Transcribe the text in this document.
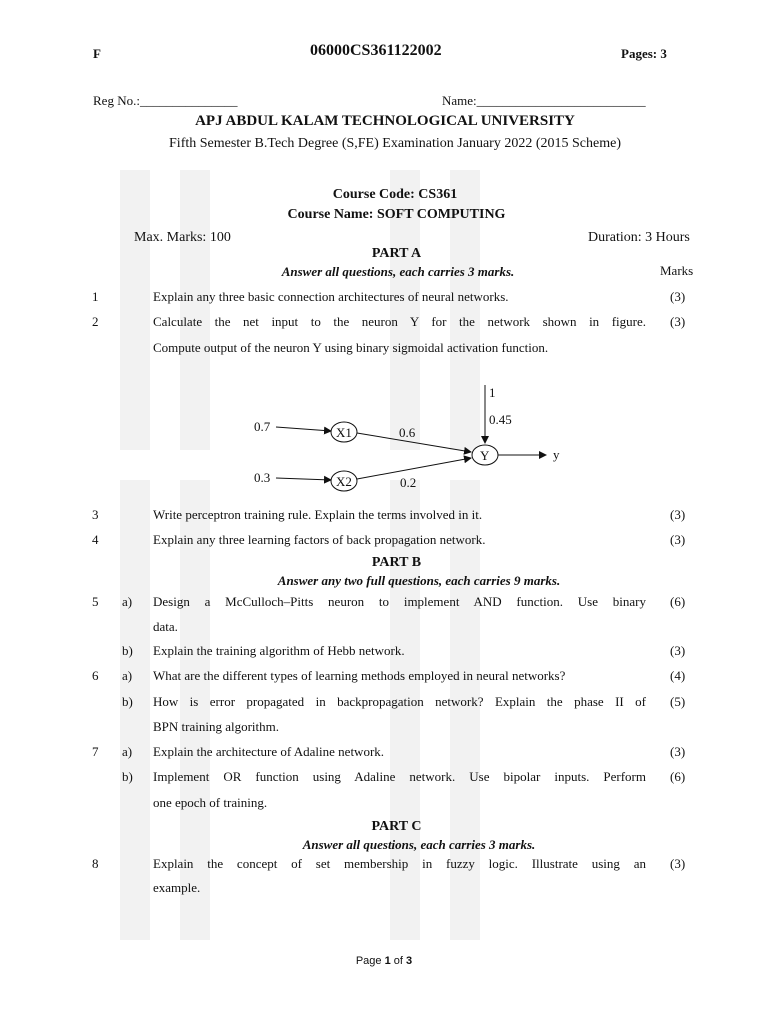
F	06000CS361122002	Pages: 3
Reg No.:_______________	Name:__________________________
APJ ABDUL KALAM TECHNOLOGICAL UNIVERSITY
Fifth Semester B.Tech Degree (S,FE) Examination January 2022 (2015 Scheme)
Course Code: CS361
Course Name: SOFT COMPUTING
Max. Marks: 100	Duration: 3 Hours
PART A
Answer all questions, each carries 3 marks.	Marks
1	Explain any three basic connection architectures of neural networks.	(3)
2	Calculate the net input to the neuron Y for the network shown in figure.
Compute output of the neuron Y using binary sigmoidal activation function.
(3)
0.7	X1
0.3	X2
0.6
0.2
1
0.45
Y	y
3	Write perceptron training rule. Explain the terms involved in it.	(3)
4	Explain any three learning factors of back propagation network.	(3)
PART B
Answer any two full questions, each carries 9 marks.
5 a) Design a McCulloch–Pitts neuron to implement AND function. Use binary
data.
(6)
b) Explain the training algorithm of Hebb network.	(3)
6 a) What are the different types of learning methods employed in neural networks?	(4)
b) How is error propagated in backpropagation network? Explain the phase II of
BPN training algorithm.
(5)
7 a) Explain the architecture of Adaline network.	(3)
b) Implement OR function using Adaline network. Use bipolar inputs. Perform
one epoch of training.
(6)
PART C
Answer all questions, each carries 3 marks.
8	Explain the concept of set membership in fuzzy logic. Illustrate using an
example.
(3)
Page 1 of 3
